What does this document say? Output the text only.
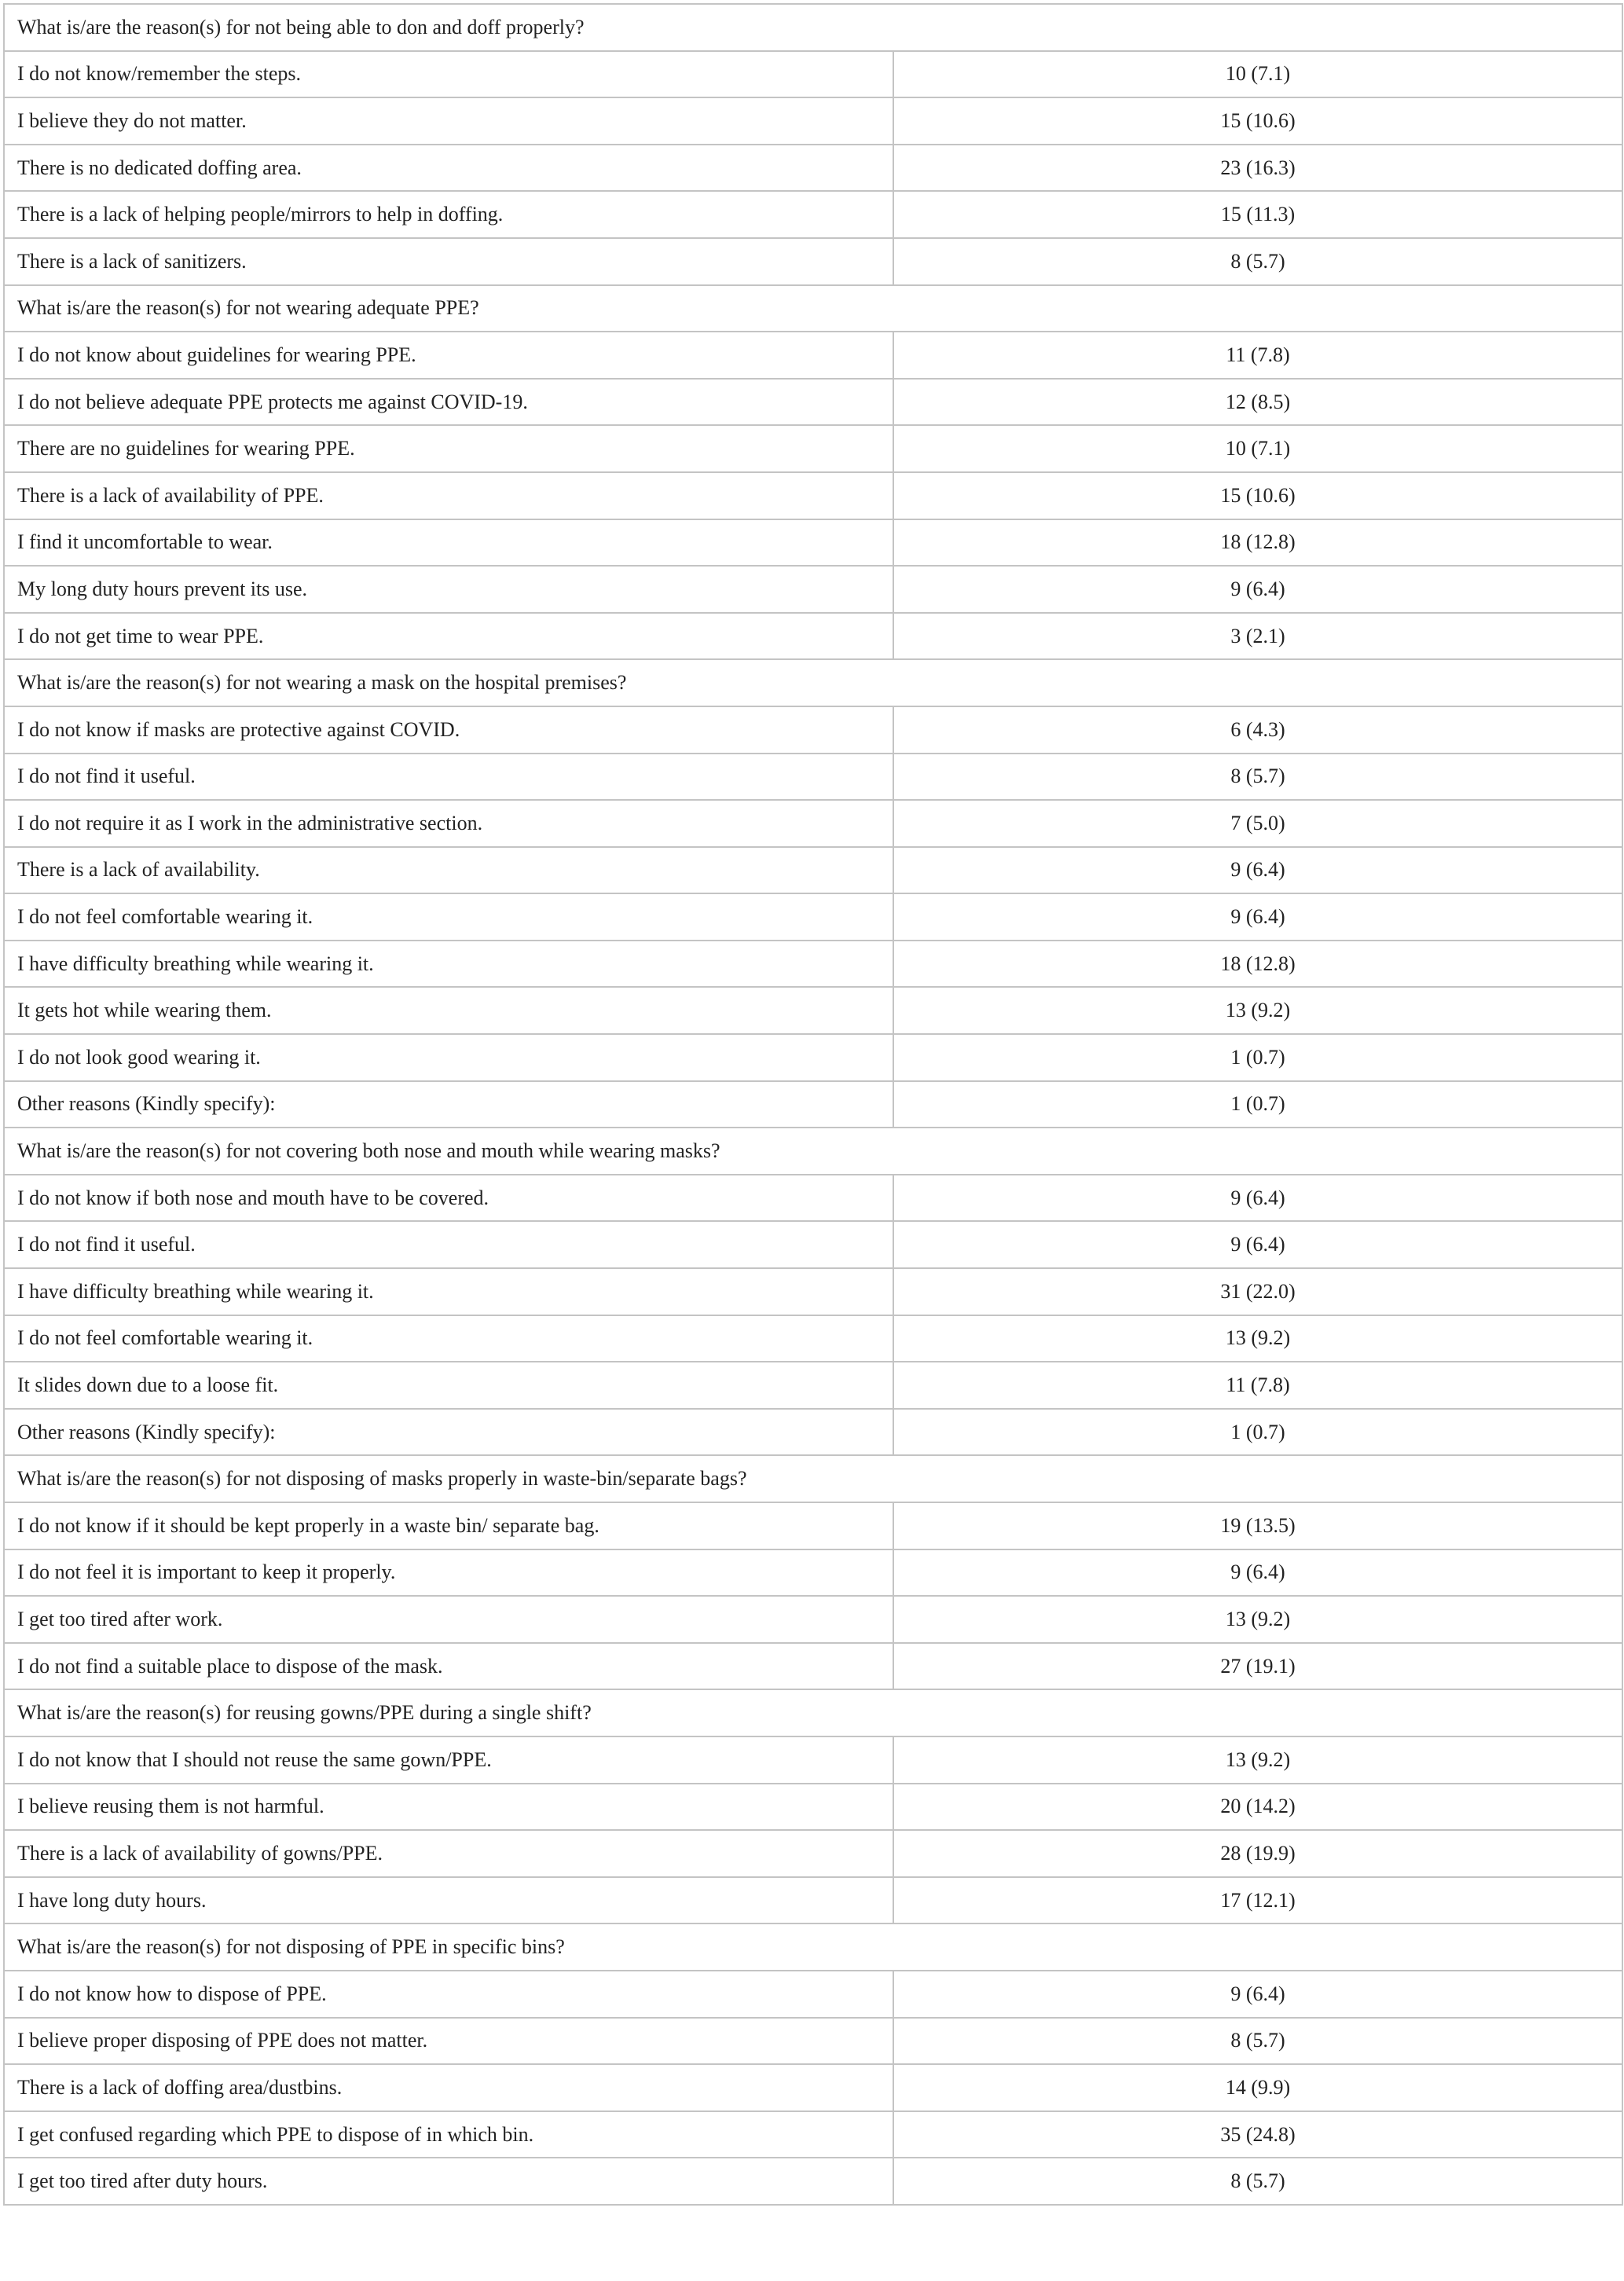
What is/are the reason(s) for not being able to don and doff properly?	
I do not know/remember the steps.	10 (7.1)
I believe they do not matter.	15 (10.6)
There is no dedicated doffing area.	23 (16.3)
There is a lack of helping people/mirrors to help in doffing.	15 (11.3)
There is a lack of sanitizers.	8 (5.7)
What is/are the reason(s) for not wearing adequate PPE?	
I do not know about guidelines for wearing PPE.	11 (7.8)
I do not believe adequate PPE protects me against COVID-19.	12 (8.5)
There are no guidelines for wearing PPE.	10 (7.1)
There is a lack of availability of PPE.	15 (10.6)
I find it uncomfortable to wear.	18 (12.8)
My long duty hours prevent its use.	9 (6.4)
I do not get time to wear PPE.	3 (2.1)
What is/are the reason(s) for not wearing a mask on the hospital premises?	
I do not know if masks are protective against COVID.	6 (4.3)
I do not find it useful.	8 (5.7)
I do not require it as I work in the administrative section.	7 (5.0)
There is a lack of availability.	9 (6.4)
I do not feel comfortable wearing it.	9 (6.4)
I have difficulty breathing while wearing it.	18 (12.8)
It gets hot while wearing them.	13 (9.2)
I do not look good wearing it.	1 (0.7)
Other reasons (Kindly specify):	1 (0.7)
What is/are the reason(s) for not covering both nose and mouth while wearing masks?	
I do not know if both nose and mouth have to be covered.	9 (6.4)
I do not find it useful.	9 (6.4)
I have difficulty breathing while wearing it.	31 (22.0)
I do not feel comfortable wearing it.	13 (9.2)
It slides down due to a loose fit.	11 (7.8)
Other reasons (Kindly specify):	1 (0.7)
What is/are the reason(s) for not disposing of masks properly in waste-bin/separate bags?	
I do not know if it should be kept properly in a waste bin/ separate bag.	19 (13.5)
I do not feel it is important to keep it properly.	9 (6.4)
I get too tired after work.	13 (9.2)
I do not find a suitable place to dispose of the mask.	27 (19.1)
What is/are the reason(s) for reusing gowns/PPE during a single shift?	
I do not know that I should not reuse the same gown/PPE.	13 (9.2)
I believe reusing them is not harmful.	20 (14.2)
There is a lack of availability of gowns/PPE.	28 (19.9)
I have long duty hours.	17 (12.1)
What is/are the reason(s) for not disposing of PPE in specific bins?	
I do not know how to dispose of PPE.	9 (6.4)
I believe proper disposing of PPE does not matter.	8 (5.7)
There is a lack of doffing area/dustbins.	14 (9.9)
I get confused regarding which PPE to dispose of in which bin.	35 (24.8)
I get too tired after duty hours.	8 (5.7)
